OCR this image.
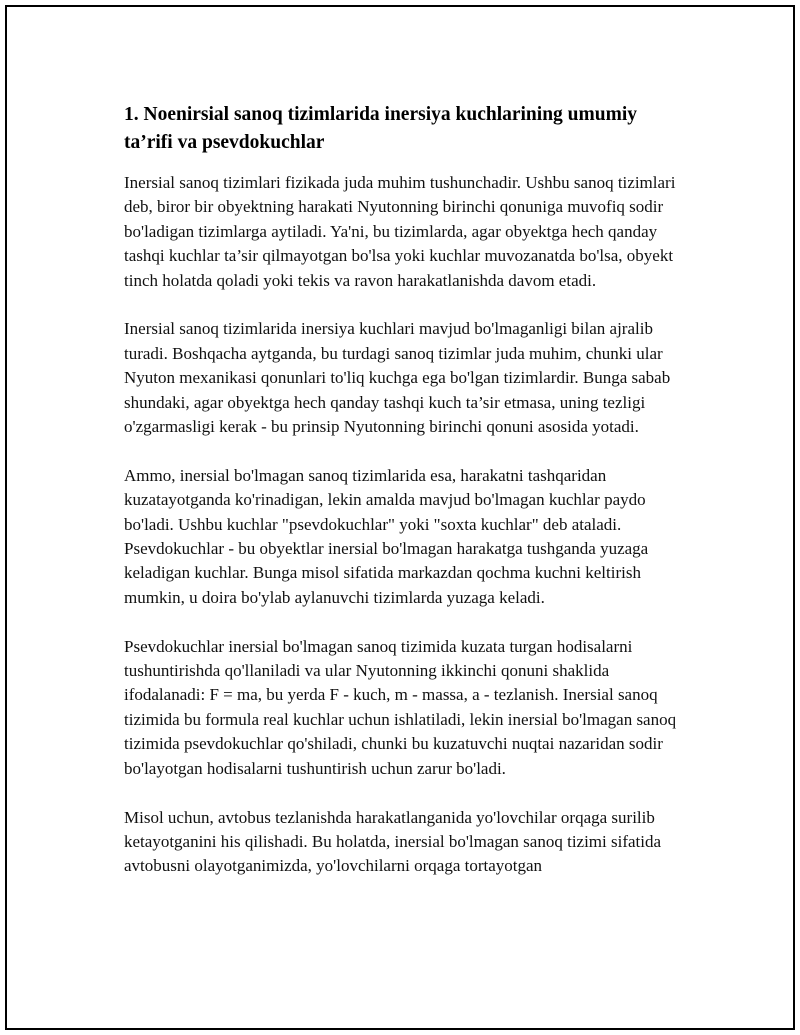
1. Noenirsial sanoq tizimlarida inersiya kuchlarining umumiy ta’rifi va psevdokuchlar

Inersial sanoq tizimlari fizikada juda muhim tushunchadir. Ushbu sanoq tizimlari deb, biror bir obyektning harakati Nyutonning birinchi qonuniga muvofiq sodir bo'ladigan tizimlarga aytiladi. Ya'ni, bu tizimlarda, agar obyektga hech qanday tashqi kuchlar ta’sir qilmayotgan bo'lsa yoki kuchlar muvozanatda bo'lsa, obyekt tinch holatda qoladi yoki tekis va ravon harakatlanishda davom etadi.

Inersial sanoq tizimlarida inersiya kuchlari mavjud bo'lmaganligi bilan ajralib turadi. Boshqacha aytganda, bu turdagi sanoq tizimlar juda muhim, chunki ular Nyuton mexanikasi qonunlari to'liq kuchga ega bo'lgan tizimlardir. Bunga sabab shundaki, agar obyektga hech qanday tashqi kuch ta’sir etmasa, uning tezligi o'zgarmasligi kerak - bu prinsip Nyutonning birinchi qonuni asosida yotadi.

Ammo, inersial bo'lmagan sanoq tizimlarida esa, harakatni tashqaridan kuzatayotganda ko'rinadigan, lekin amalda mavjud bo'lmagan kuchlar paydo bo'ladi. Ushbu kuchlar "psevdokuchlar" yoki "soxta kuchlar" deb ataladi. Psevdokuchlar - bu obyektlar inersial bo'lmagan harakatga tushganda yuzaga keladigan kuchlar. Bunga misol sifatida markazdan qochma kuchni keltirish mumkin, u doira bo'ylab aylanuvchi tizimlarda yuzaga keladi.

Psevdokuchlar inersial bo'lmagan sanoq tizimida kuzata turgan hodisalarni tushuntirishda qo'llaniladi va ular Nyutonning ikkinchi qonuni shaklida ifodalanadi: F = ma, bu yerda F - kuch, m - massa, a - tezlanish. Inersial sanoq tizimida bu formula real kuchlar uchun ishlatiladi, lekin inersial bo'lmagan sanoq tizimida psevdokuchlar qo'shiladi, chunki bu kuzatuvchi nuqtai nazaridan sodir bo'layotgan hodisalarni tushuntirish uchun zarur bo'ladi.

Misol uchun, avtobus tezlanishda harakatlanganida yo'lovchilar orqaga surilib ketayotganini his qilishadi. Bu holatda, inersial bo'lmagan sanoq tizimi sifatida avtobusni olayotganimizda, yo'lovchilarni orqaga tortayotgan
